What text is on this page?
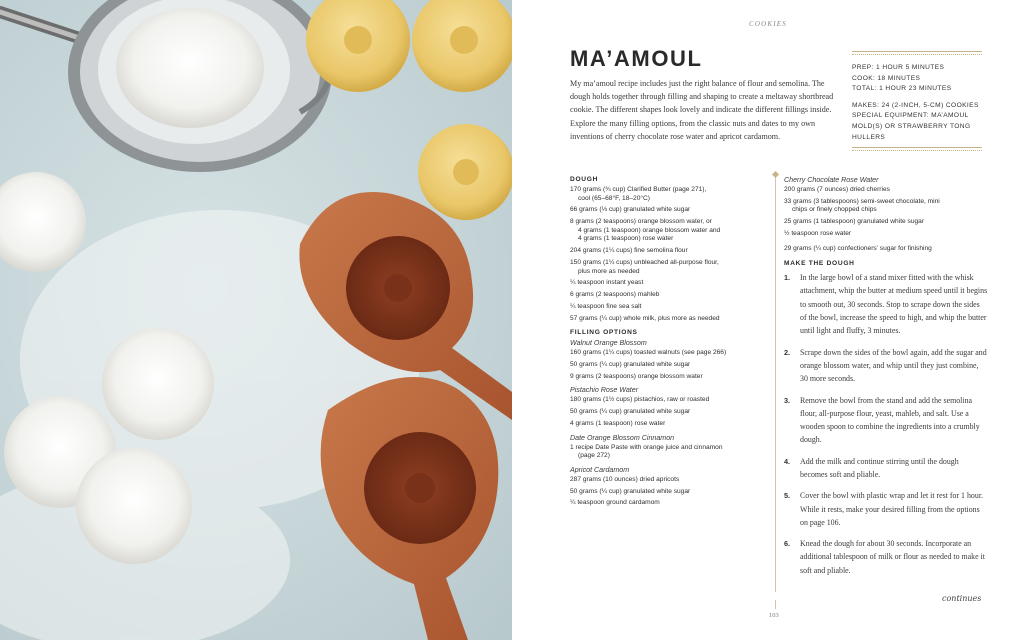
COOKIES
MA’AMOUL

My ma’amoul recipe includes just the right balance of flour and semolina. The dough holds together through filling and shaping to create a meltaway shortbread cookie. The different shapes look lovely and indicate the different fillings inside. Explore the many filling options, from the classic nuts and dates to my own inventions of cherry chocolate rose water and apricot cardamom.

PREP: 1 HOUR 5 MINUTES
COOK: 18 MINUTES
TOTAL: 1 HOUR 23 MINUTES
MAKES: 24 (2-INCH, 5-CM) COOKIES
SPECIAL EQUIPMENT: MA’AMOUL
MOLD(S) OR STRAWBERRY TONG
HULLERS
DOUGH
170 grams (¾ cup) Clarified Butter (page 271),

cool (65–68°F, 18–20°C)
66 grams (⅓ cup) granulated white sugar
8 grams (2 teaspoons) orange blossom water, or

4 grams (1 teaspoon) orange blossom water and
4 grams (1 teaspoon) rose water
204 grams (1¼ cups) fine semolina flour
150 grams (1¼ cups) unbleached all-purpose flour,

plus more as needed
¼ teaspoon instant yeast
6 grams (2 teaspoons) mahleb
¼ teaspoon fine sea salt
57 grams (¼ cup) whole milk, plus more as needed
FILLING OPTIONS
Walnut Orange Blossom
160 grams (1¼ cups) toasted walnuts (see page 266)
50 grams (¼ cup) granulated white sugar
9 grams (2 teaspoons) orange blossom water
Pistachio Rose Water
180 grams (1½ cups) pistachios, raw or roasted
50 grams (¼ cup) granulated white sugar
4 grams (1 teaspoon) rose water
Date Orange Blossom Cinnamon
1 recipe Date Paste with orange juice and cinnamon

(page 272)
Apricot Cardamom
287 grams (10 ounces) dried apricots
50 grams (¼ cup) granulated white sugar
¼ teaspoon ground cardamom
Cherry Chocolate Rose Water
200 grams (7 ounces) dried cherries
33 grams (3 tablespoons) semi-sweet chocolate, mini

chips or finely chopped chips
25 grams (1 tablespoon) granulated white sugar
½ teaspoon rose water
29 grams (¼ cup) confectioners’ sugar for finishing
MAKE THE DOUGH
1.	In the large bowl of a stand mixer fitted with the whisk attachment, whip the butter at medium speed until it begins to smooth out, 30 seconds. Stop to scrape down the sides of the bowl, increase the speed to high, and whip the butter until light and fluffy, 3 minutes.
2.	Scrape down the sides of the bowl again, add the sugar and orange blossom water, and whip until they just combine, 30 more seconds.
3.	Remove the bowl from the stand and add the semolina flour, all-purpose flour, yeast, mahleb, and salt. Use a wooden spoon to combine the ingredients into a crumbly dough.
4.	Add the milk and continue stirring until the dough becomes soft and pliable.
5.	Cover the bowl with plastic wrap and let it rest for 1 hour. While it rests, make your desired filling from the options on page 106.
6.	Knead the dough for about 30 seconds. Incorporate an additional tablespoon of milk or flour as needed to make it soft and pliable.
continues
103
